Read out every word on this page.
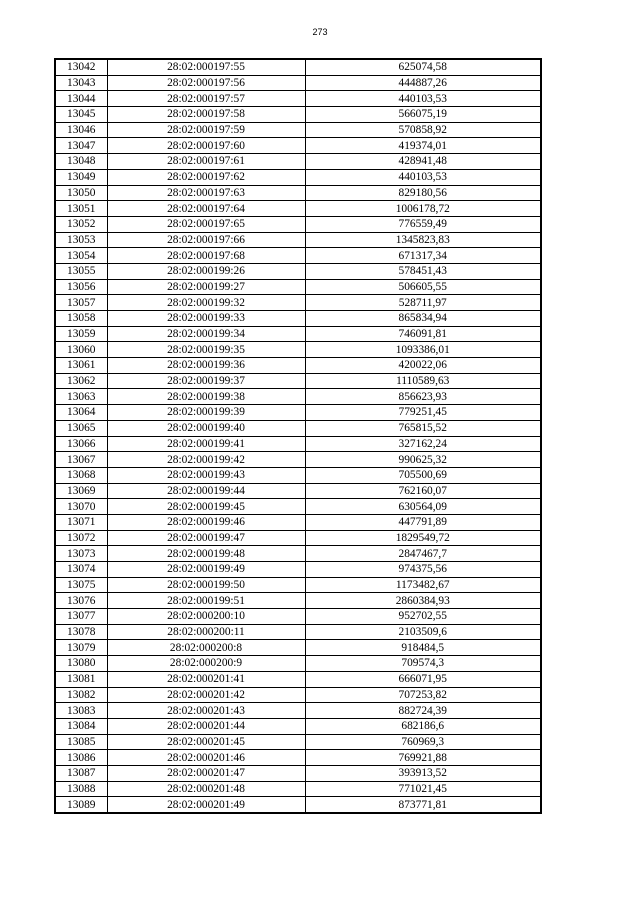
273
13042	28:02:000197:55	625074,58
13043	28:02:000197:56	444887,26
13044	28:02:000197:57	440103,53
13045	28:02:000197:58	566075,19
13046	28:02:000197:59	570858,92
13047	28:02:000197:60	419374,01
13048	28:02:000197:61	428941,48
13049	28:02:000197:62	440103,53
13050	28:02:000197:63	829180,56
13051	28:02:000197:64	1006178,72
13052	28:02:000197:65	776559,49
13053	28:02:000197:66	1345823,83
13054	28:02:000197:68	671317,34
13055	28:02:000199:26	578451,43
13056	28:02:000199:27	506605,55
13057	28:02:000199:32	528711,97
13058	28:02:000199:33	865834,94
13059	28:02:000199:34	746091,81
13060	28:02:000199:35	1093386,01
13061	28:02:000199:36	420022,06
13062	28:02:000199:37	1110589,63
13063	28:02:000199:38	856623,93
13064	28:02:000199:39	779251,45
13065	28:02:000199:40	765815,52
13066	28:02:000199:41	327162,24
13067	28:02:000199:42	990625,32
13068	28:02:000199:43	705500,69
13069	28:02:000199:44	762160,07
13070	28:02:000199:45	630564,09
13071	28:02:000199:46	447791,89
13072	28:02:000199:47	1829549,72
13073	28:02:000199:48	2847467,7
13074	28:02:000199:49	974375,56
13075	28:02:000199:50	1173482,67
13076	28:02:000199:51	2860384,93
13077	28:02:000200:10	952702,55
13078	28:02:000200:11	2103509,6
13079	28:02:000200:8	918484,5
13080	28:02:000200:9	709574,3
13081	28:02:000201:41	666071,95
13082	28:02:000201:42	707253,82
13083	28:02:000201:43	882724,39
13084	28:02:000201:44	682186,6
13085	28:02:000201:45	760969,3
13086	28:02:000201:46	769921,88
13087	28:02:000201:47	393913,52
13088	28:02:000201:48	771021,45
13089	28:02:000201:49	873771,81
